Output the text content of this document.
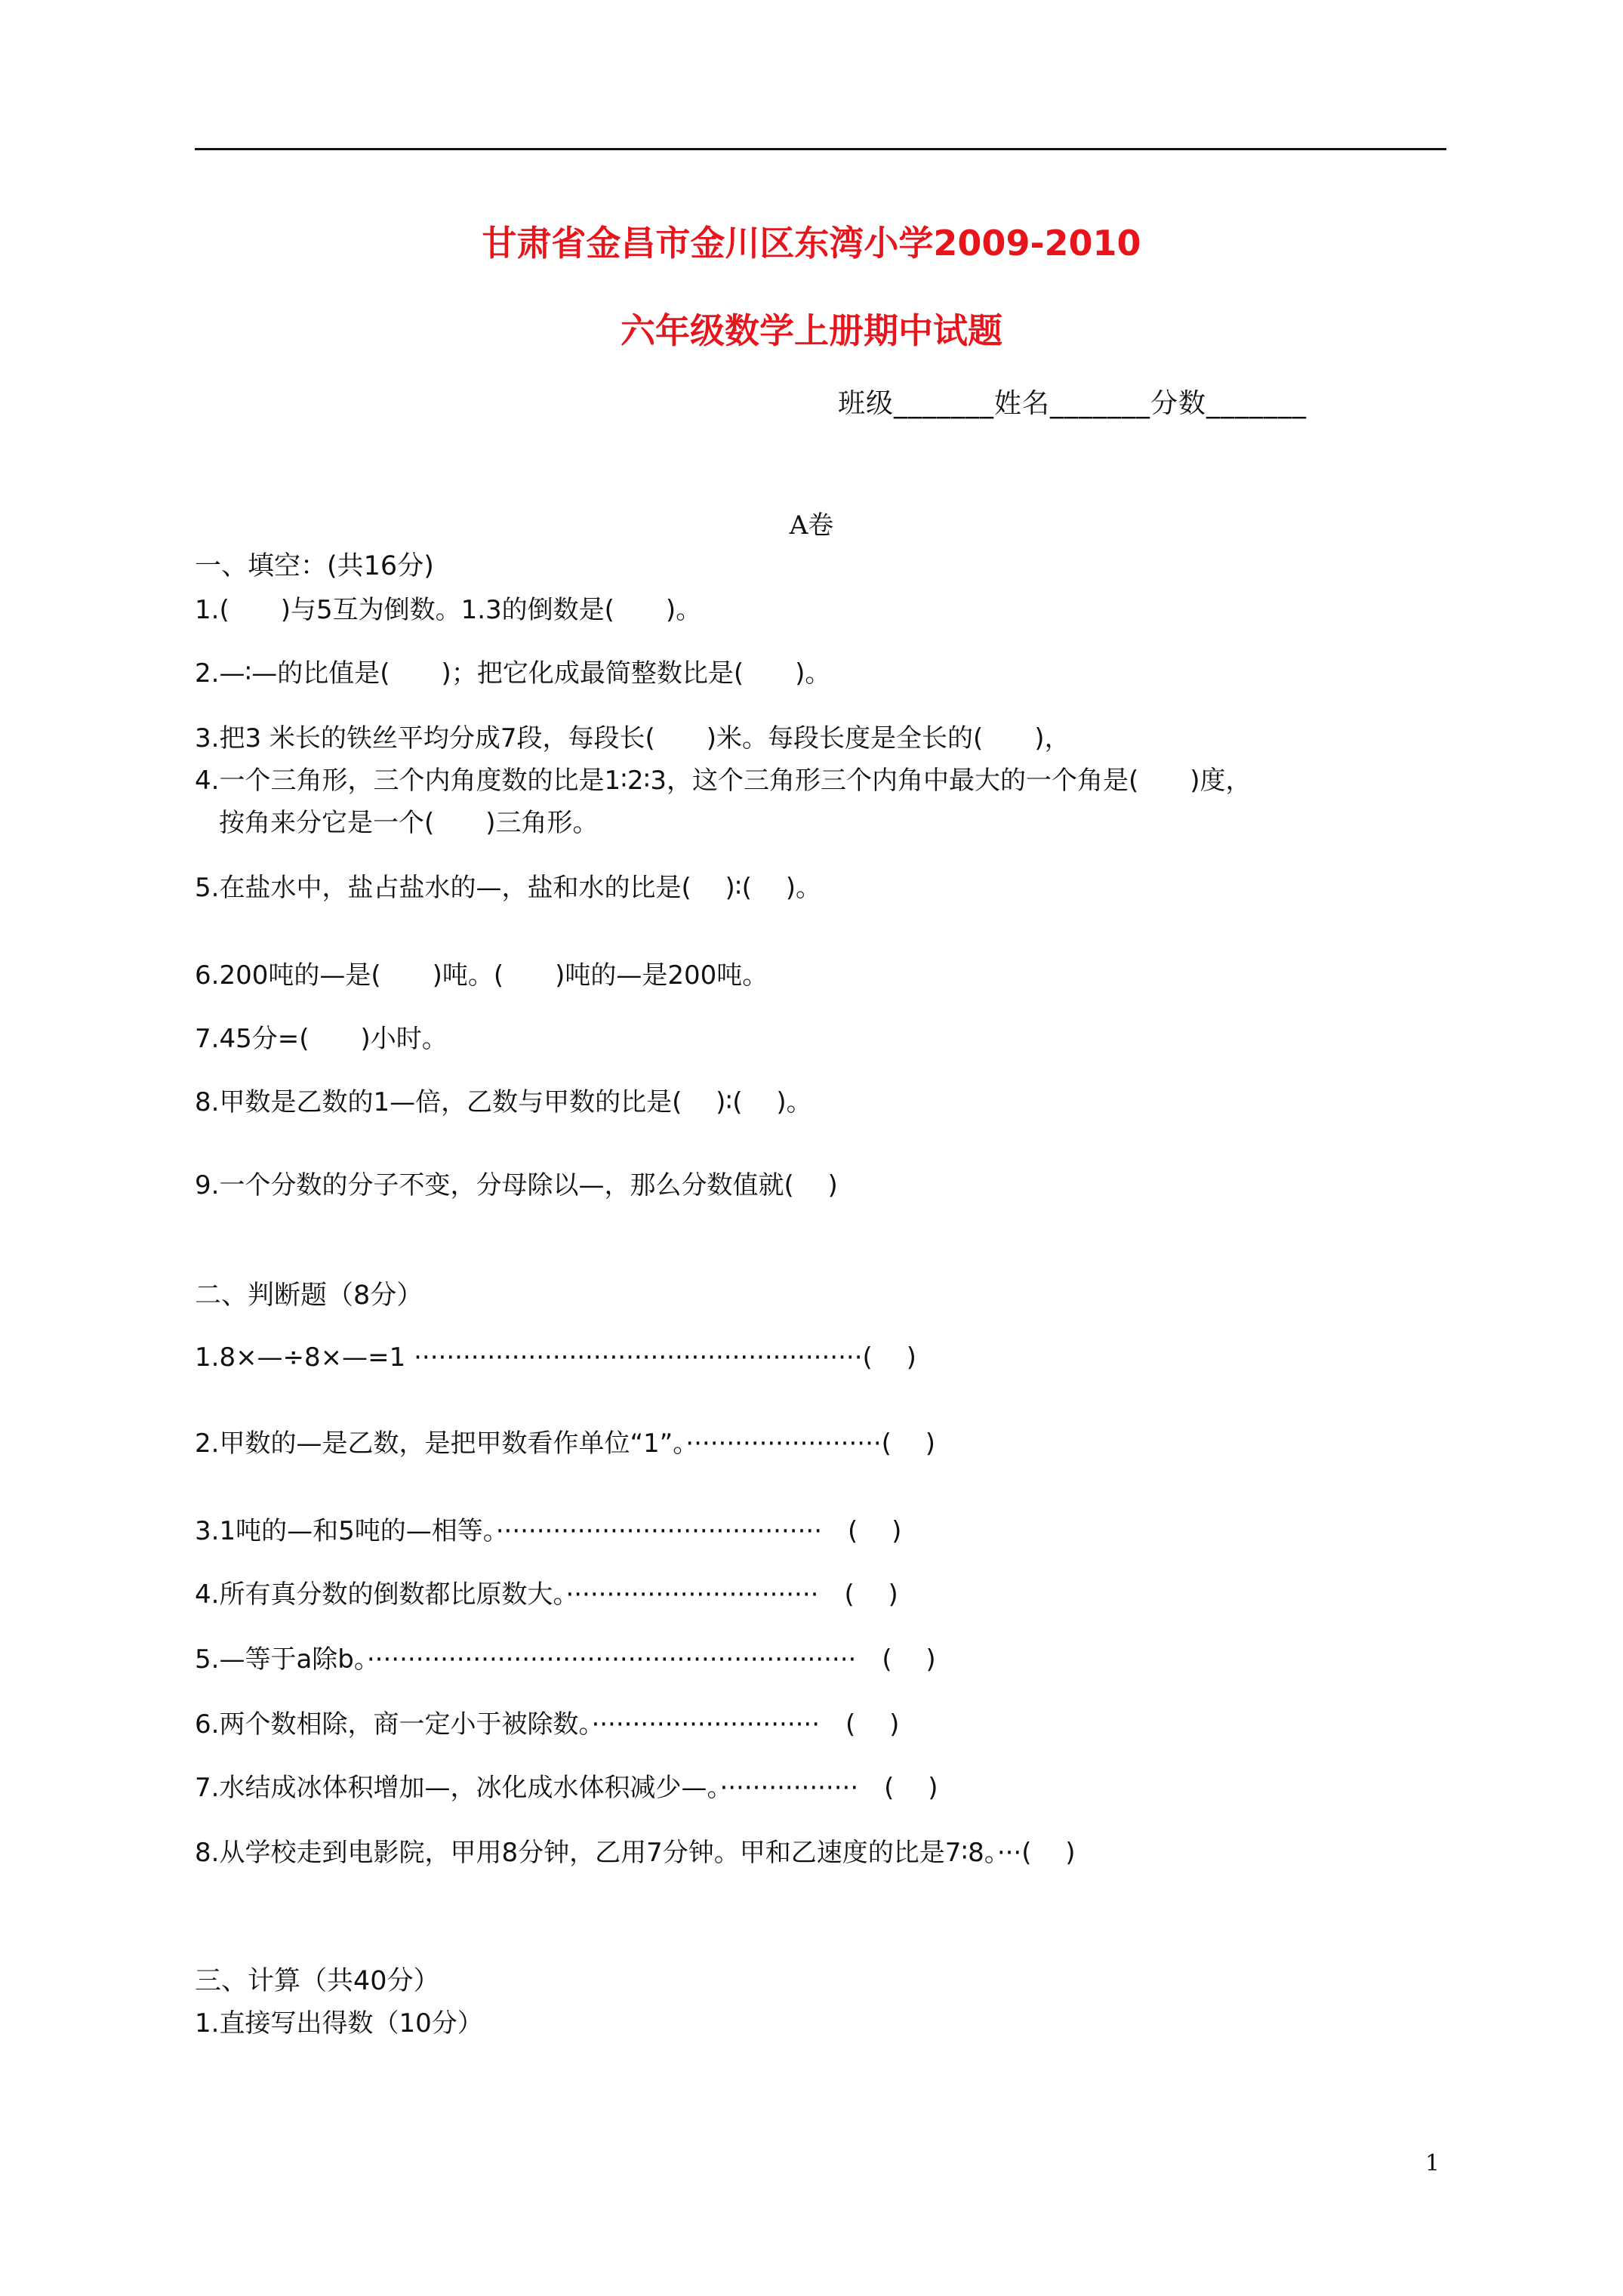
甘肃省金昌市金川区东湾小学2009-2010
六年级数学上册期中试题
班级_______姓名_______分数_______
A卷
一、填空：(共16分)
1.(　　)与5互为倒数。1.3的倒数是(　　)。
2.—∶—的比值是(　　)；把它化成最简整数比是(　　)。
3.把3 米长的铁丝平均分成7段，每段长(　　)米。每段长度是全长的(　　)，
4.一个三角形，三个内角度数的比是1∶2∶3，这个三角形三个内角中最大的一个角是(　　)度，
按角来分它是一个(　　)三角形。
5.在盐水中，盐占盐水的—，盐和水的比是(　 )∶(　 )。
6.200吨的—是(　　)吨。(　　)吨的—是200吨。
7.45分=(　　)小时。
8.甲数是乙数的1—倍，乙数与甲数的比是(　 )∶(　 )。
9.一个分数的分子不变，分母除以—，那么分数值就(　 )
二、判断题（8分）
1.8×—÷8×—=1 ·······················································(　 )
2.甲数的—是乙数，是把甲数看作单位“1”。························(　 )
3.1吨的—和5吨的—相等。········································　(　 )
4.所有真分数的倒数都比原数大。·······························　(　 )
5.—等于a除b。····························································　(　 )
6.两个数相除，商一定小于被除数。····························　(　 )
7.水结成冰体积增加—，冰化成水体积减少—。·················　(　 )
8.从学校走到电影院，甲用8分钟，乙用7分钟。甲和乙速度的比是7∶8。···(　 )
三、计算（共40分）
1.直接写出得数（10分）
1
